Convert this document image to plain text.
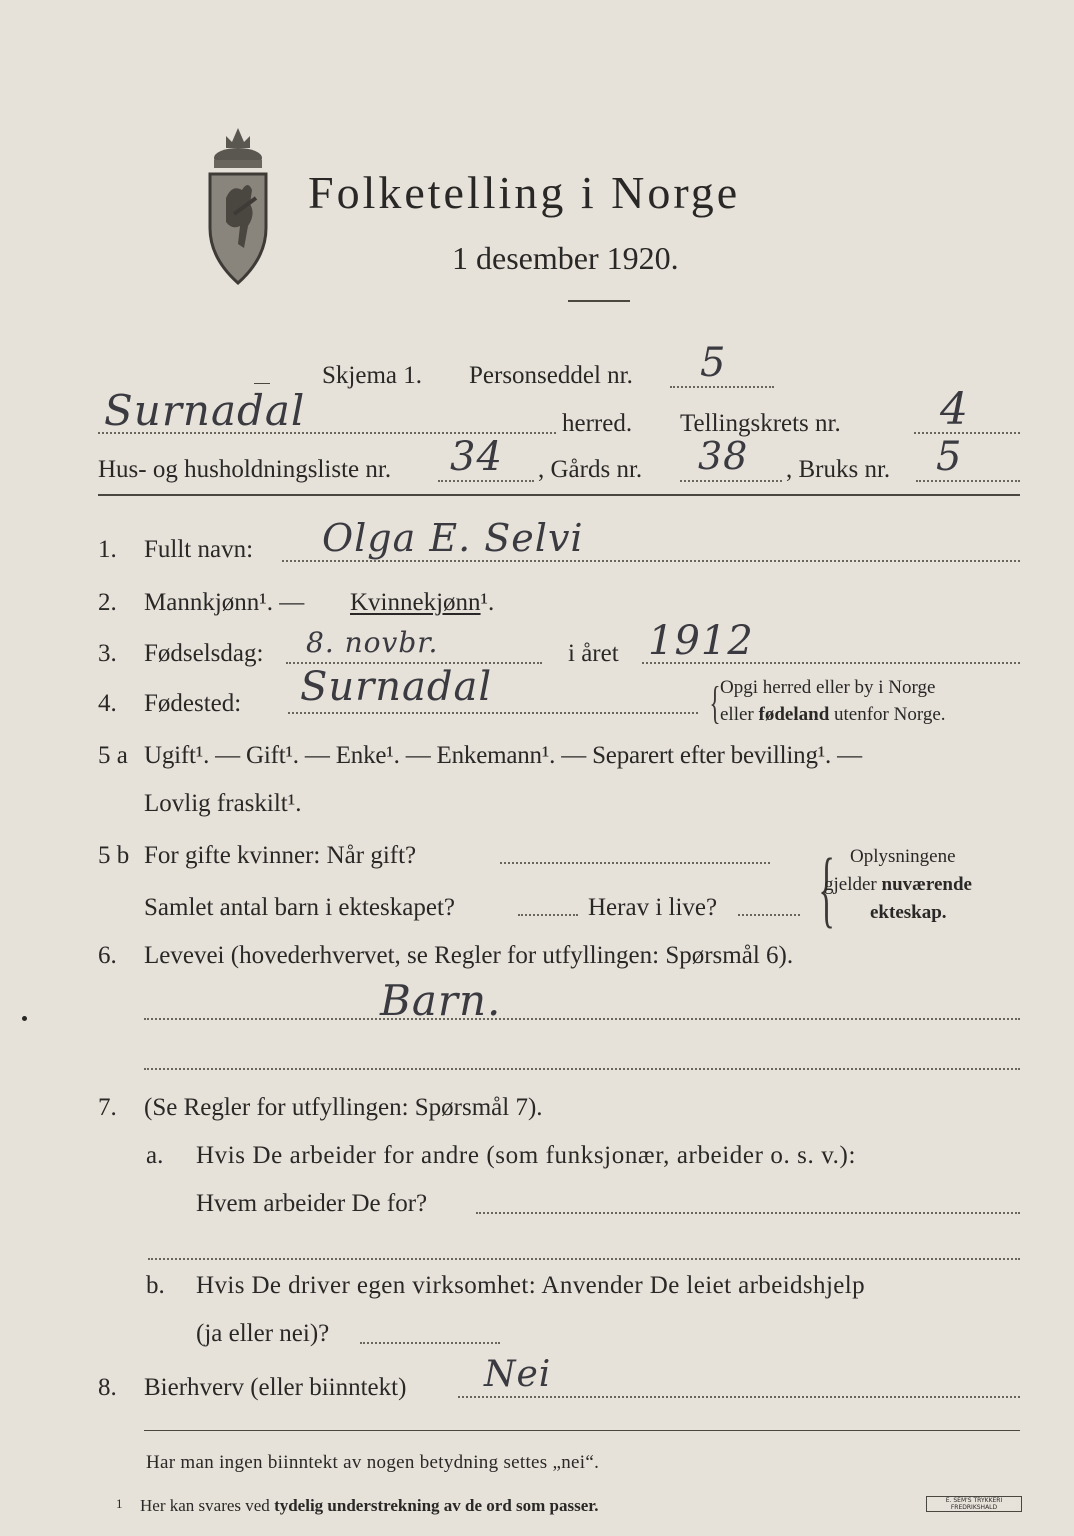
Folketelling i Norge
1 desember 1920.
Skjema 1. Personseddel nr. 5
Surnadal	herred. Tellingskrets nr. 4
Hus- og husholdningsliste nr. 34 , Gårds nr. 38 , Bruks nr. 5
1. Fullt navn: Olga E. Selvi
2. Mannkjønn¹. — Kvinnekjønn¹.
3. Fødselsdag: 8. novbr.	i året 1912
4. Fødested: Surnadal	{ Opgi herred eller by i Norge
eller fødeland utenfor Norge.
5 a Ugift¹. — Gift¹. — Enke¹. — Enkemann¹. — Separert efter bevilling¹. —
Lovlig fraskilt¹.
5 b For gifte kvinner: Når gift?
Samlet antal barn i ekteskapet?	Herav i live? { Oplysningene
gjelder nuværende
ekteskap.
6. Levevei (hovederhvervet, se Regler for utfyllingen: Spørsmål 6).
Barn.
7. (Se Regler for utfyllingen: Spørsmål 7).
a. Hvis De arbeider for andre (som funksjonær, arbeider o. s. v.):
Hvem arbeider De for?
b. Hvis De driver egen virksomhet: Anvender De leiet arbeidshjelp
(ja eller nei)?
8. Bierhverv (eller biinntekt) Nei
Har man ingen biinntekt av nogen betydning settes „nei“.
1 Her kan svares ved tydelig understrekning av de ord som passer.	E. SEM'S TRYKKERI FREDRIKSHALD
